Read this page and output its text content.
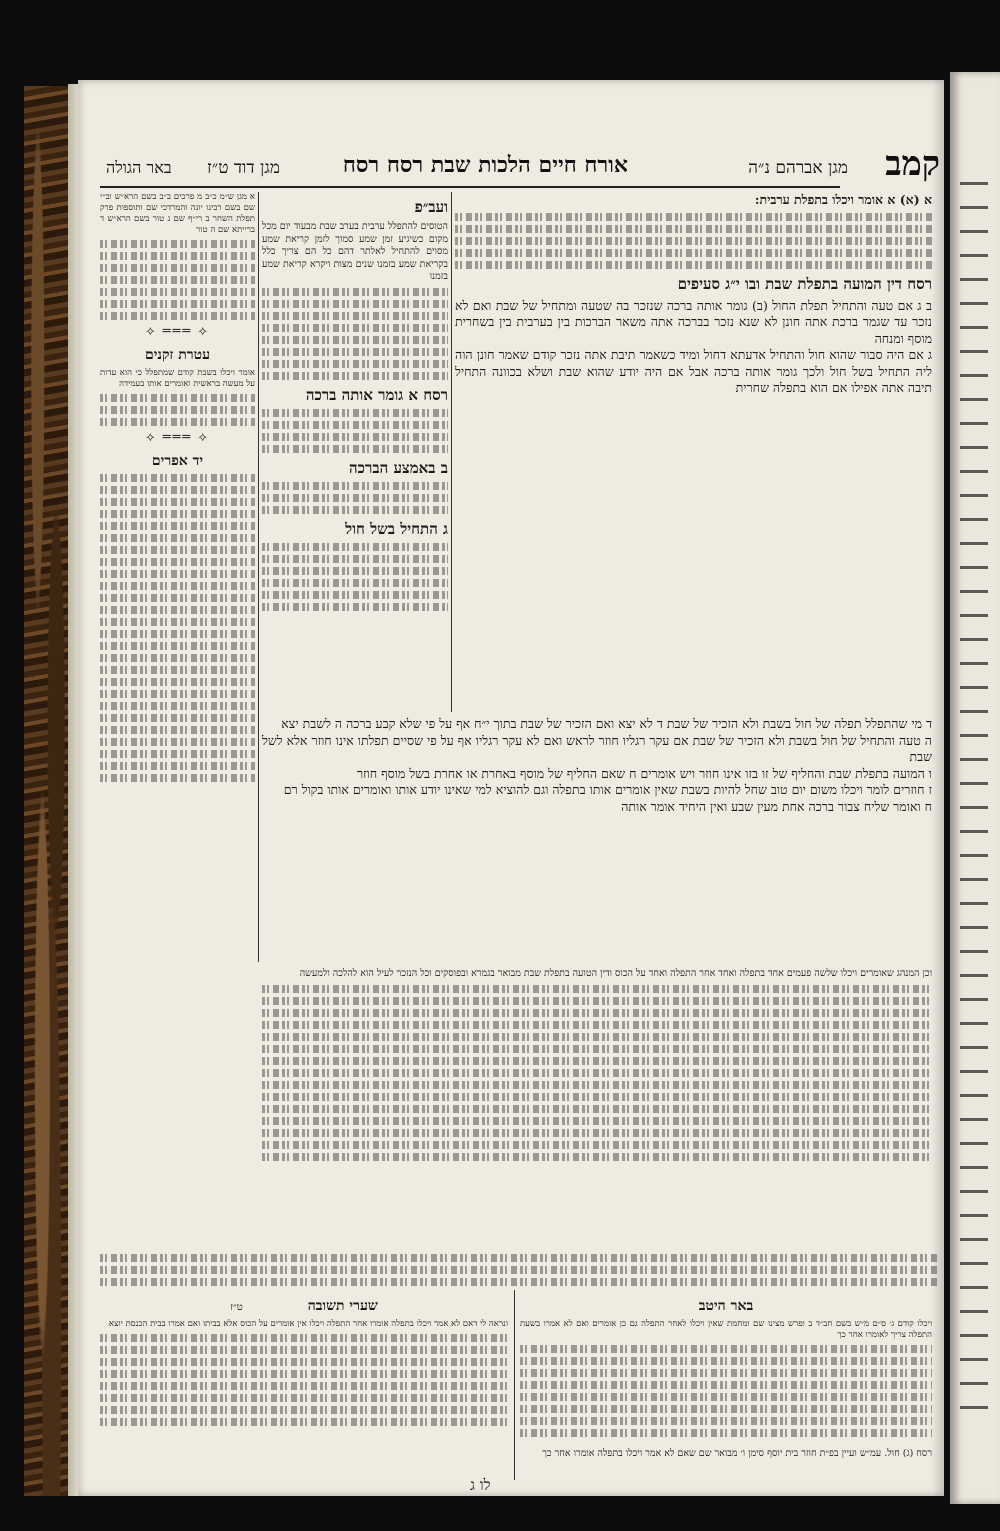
קמב
מגן אברהם נ״ה
אורח חיים הלכות שבת רסח רסח
מגן דוד ט״ז
באר הגולה

א (א) א אומר ויכלו בתפלת ערבית:

רסח דין המועה בתפלת שבת ובו י״ג סעיפים

ב ג אם טעה והתחיל תפלת החול (ב) גומר אותה ברכה שנזכר בה שטעה ומתחיל של שבת ואם לא נזכר עד שגמר ברכת אתה חונן לא שנא נזכר בברכה אתה משאר הברכות בין בערבית בין בשחרית מוסף ומנחה

ג אם היה סבור שהוא חול והתחיל אדעתא דחול ומיד כשאמר תיבת אתה נזכר קודם שאמר חונן הוה ליה התחיל בשל חול ולכך גומר אותה ברכה אבל אם היה יודע שהוא שבת ושלא בכוונה התחיל תיבה אתה אפילו אם הוא בתפלה שחרית

ועב״פ

הטוסים להתפלל ערבית בערב שבת מבעוד יום מכל מקום כשיגיע זמן שמע סמוך לזמן קריאת שמע מסוים להתחיל לאלתר דהם כל הם צריך כלל בקריאת שמע בזמנו שנים מצות ויקרא קריאת שמע בזמנו

רסח א גומר אותה ברכה
ב באמצע הברכה
ג התחיל בשל חול

א מגן ש״מ כ״ב מ פרכים ב״ב בשם הרא״ש וב״י שם בשם רבינו יונה והמרדכי שם ותוספות פרק תפלת השחר ב רי״ף שם ג טור בשם הרא״ש ד ברייתא שם ה טור

⟡ ═══ ⟡
עטרת זקנים

אומר ויכלו בשבת קודם שמתפלל כי הוא עדות על מעשה בראשית ואומרים אותו בעמידה

⟡ ═══ ⟡
יד אפרים

ד מי שהתפלל תפלה של חול בשבת ולא הזכיר של שבת ד לא יצא ואם הזכיר של שבת בתוך י״ח אף על פי שלא קבע ברכה ה לשבת יצא

ה טעה והתחיל של חול בשבת ולא הזכיר של שבת אם עקר רגליו חוזר לראש ואם לא עקר רגליו אף על פי שסיים תפלתו אינו חוזר אלא לשל שבת

ו המועה בתפלת שבת והחליף של זו בזו אינו חוזר ויש אומרים ח שאם החליף של מוסף באחרת או אחרת בשל מוסף חוזר

ז חוזרים לומר ויכלו משום יום טוב שחל להיות בשבת שאין אומרים אותו בתפלה וגם להוציא למי שאינו יודע אותו ואומרים אותו בקול רם

ח ואומר שליח צבור ברכה אחת מעין שבע ואין היחיד אומר אותה

וכן המנהג שאומרים ויכלו שלשה פעמים אחד בתפלה ואחד אחר התפלה ואחד על הכוס ודין הטועה בתפלת שבת מבואר בגמרא ובפוסקים וכל הנזכר לעיל הוא להלכה ולמעשה

באר היטב

ויכלו קודם ג׳ ס״ם מ״ש בשם חב״ד ב ופרש מצינו שם ומחמת שאין ויכלו לאחר התפלה גם כן אומרים ואם לא אמרו בשעת התפלה צריך לאומרו אחר כך

שערי תשובה ט״ז

ונראה לי דאם לא אמר ויכלו בתפלה אומרו אחר התפלה ויכלו אין אומרים על הכוס אלא בביתו ואם אמרו בבית הכנסת יוצא

רסח (ג) חול. עמ״ש ועיין בפ״ת חוזר בית יוסף סימן ו׳ מבואר שם שאם לא אמר ויכלו בתפלה אומרו אחר כך

לו ג
